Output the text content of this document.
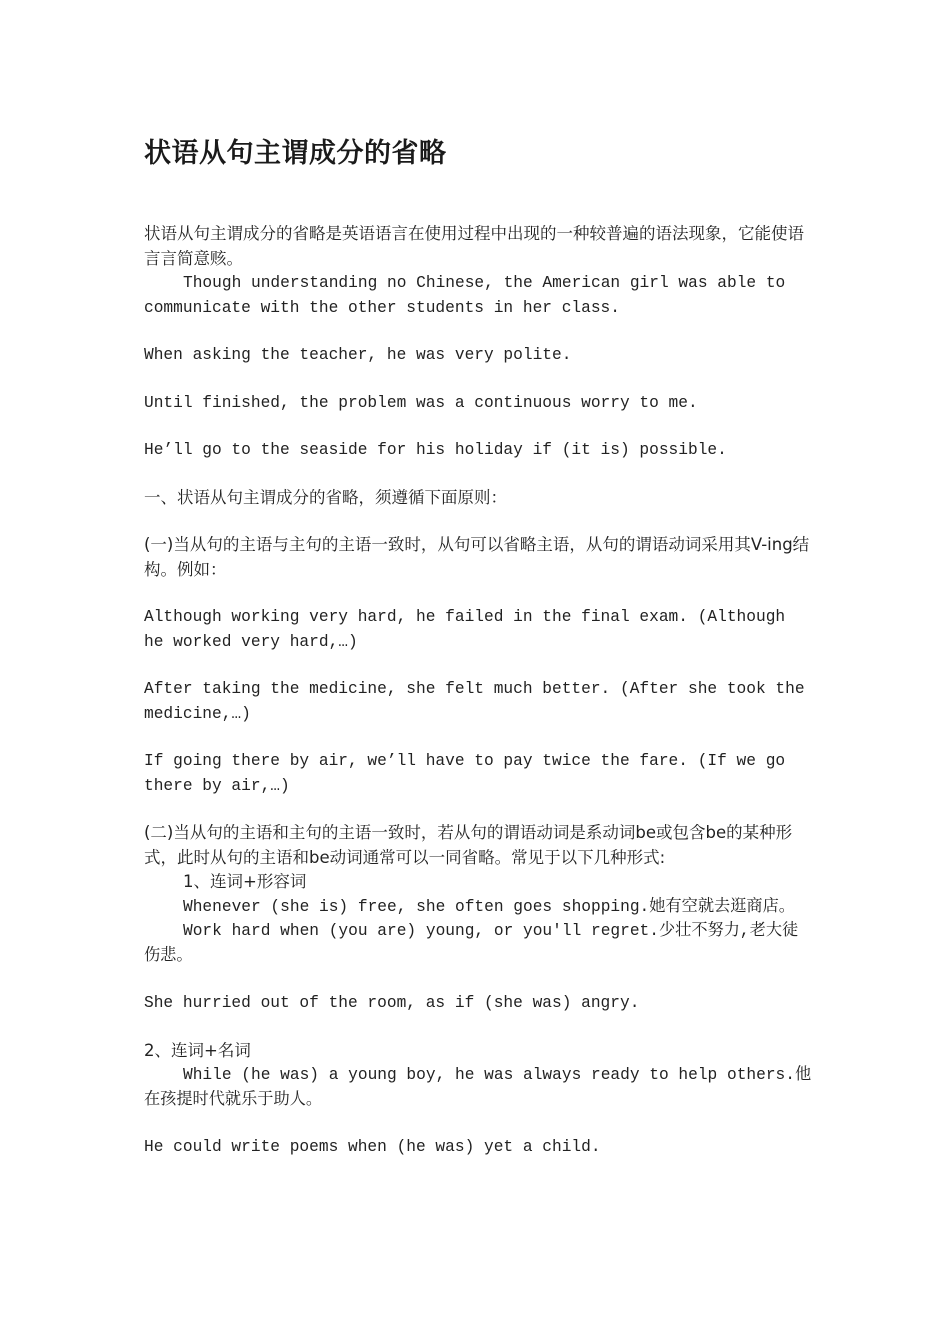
状语从句主谓成分的省略

状语从句主谓成分的省略是英语语言在使用过程中出现的一种较普遍的语法现象，它能使语言言简意赅。

Though understanding no Chinese, the American girl was able to communicate with the other students in her class.

When asking the teacher, he was very polite.

Until finished, the problem was a continuous worry to me.

He’ll go to the seaside for his holiday if (it is) possible.

一、状语从句主谓成分的省略，须遵循下面原则：

(一)当从句的主语与主句的主语一致时，从句可以省略主语，从句的谓语动词采用其V-ing结构。例如：

Although working very hard, he failed in the final exam. (Although he worked very hard,…)

After taking the medicine, she felt much better. (After she took the medicine,…)

If going there by air, we’ll have to pay twice the fare. (If we go there by air,…)

(二)当从句的主语和主句的主语一致时，若从句的谓语动词是系动词be或包含be的某种形式，此时从句的主语和be动词通常可以一同省略。常见于以下几种形式:

1、连词+形容词

Whenever (she is) free, she often goes shopping.她有空就去逛商店。

Work hard when (you are) young, or you'll regret.少壮不努力,老大徒伤悲。

She hurried out of the room, as if (she was) angry.

2、连词+名词

While (he was) a young boy, he was always ready to help others.他在孩提时代就乐于助人。

He could write poems when (he was) yet a child.
